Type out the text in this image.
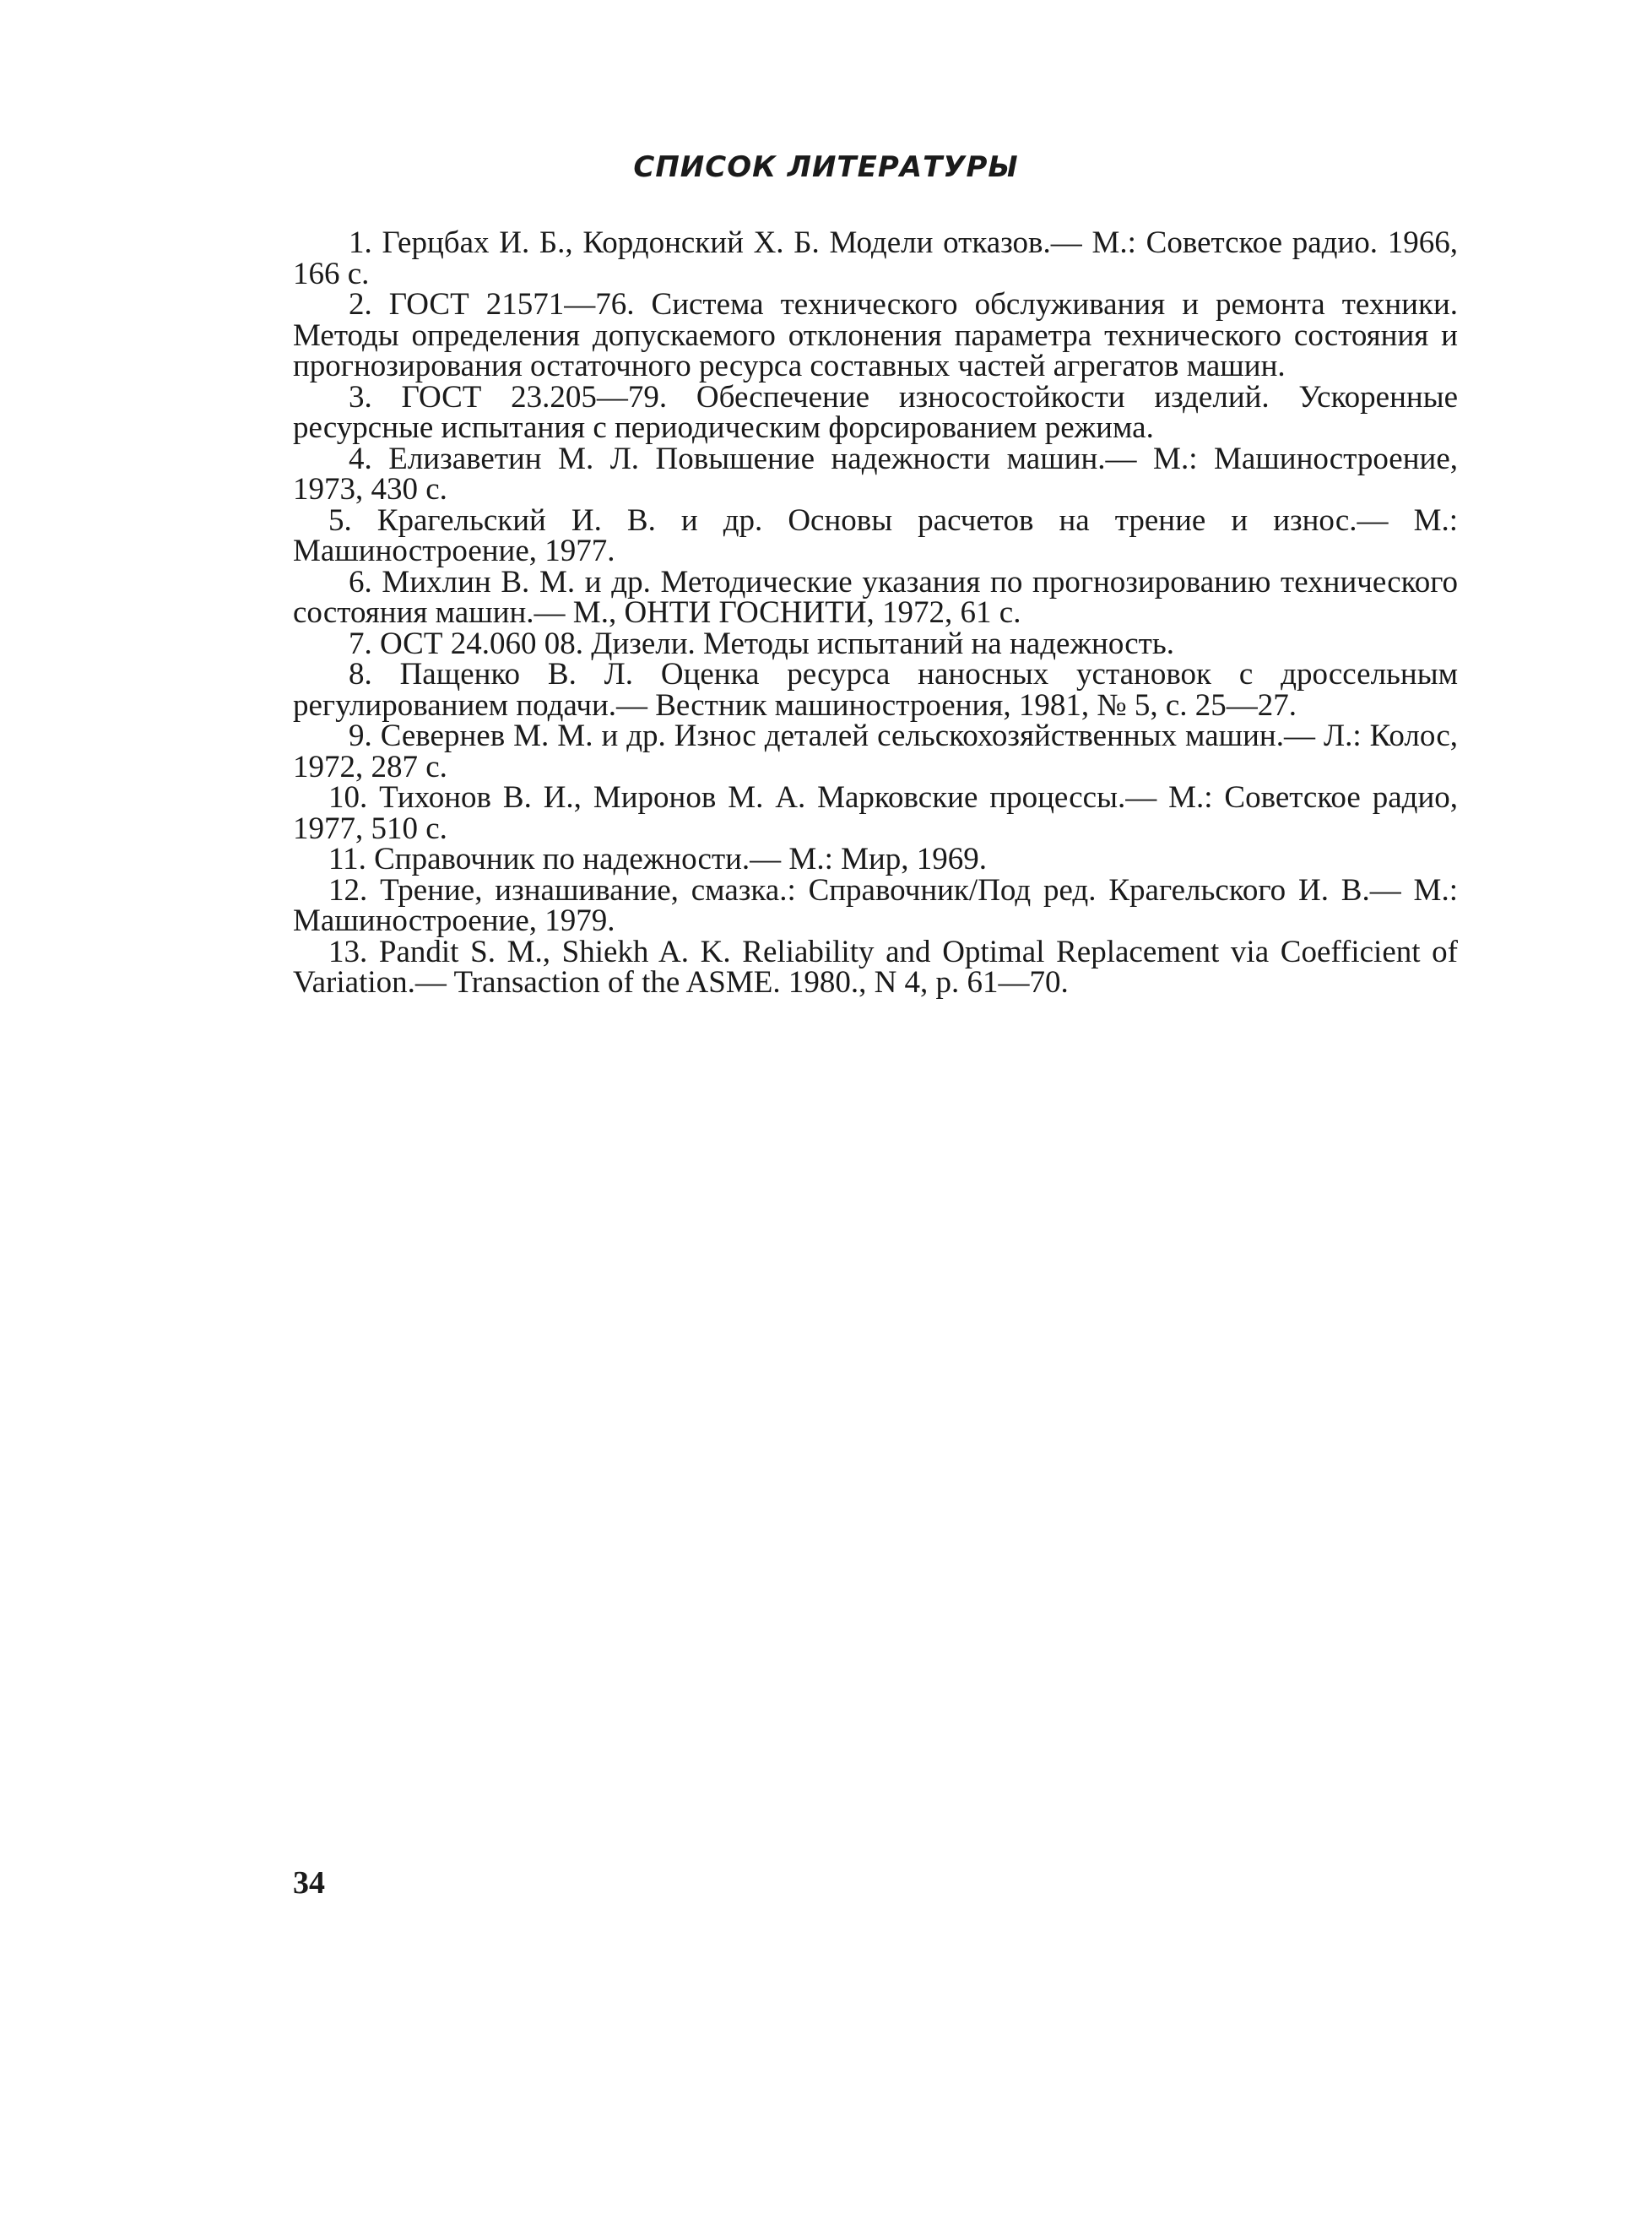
СПИСОК ЛИТЕРАТУРЫ
1. Герцбах И. Б., Кордонский X. Б. Модели отказов.— М.: Советское радио. 1966, 166 с.
2. ГОСТ 21571—76. Система технического обслуживания и ремонта техники. Методы определения допускаемого отклонения параметра технического состояния и прогнозирования остаточного ресурса составных частей агрегатов машин.
3. ГОСТ 23.205—79. Обеспечение износостойкости изделий. Ускоренные ресурсные испытания с периодическим форсированием режима.
4. Елизаветин М. Л. Повышение надежности машин.— М.: Машиностроение, 1973, 430 с.
5. Крагельский И. В. и др. Основы расчетов на трение и износ.— М.: Машиностроение, 1977.
6. Михлин В. М. и др. Методические указания по прогнозированию технического состояния машин.— М., ОНТИ ГОСНИТИ, 1972, 61 с.
7. ОСТ 24.060 08. Дизели. Методы испытаний на надежность.
8. Пащенко В. Л. Оценка ресурса наносных установок с дроссельным регулированием подачи.— Вестник машиностроения, 1981, № 5, с. 25—27.
9. Севернев М. М. и др. Износ деталей сельскохозяйственных машин.— Л.: Колос, 1972, 287 с.
10. Тихонов В. И., Миронов М. А. Марковские процессы.— М.: Советское радио, 1977, 510 с.
11. Справочник по надежности.— М.: Мир, 1969.
12. Трение, изнашивание, смазка.: Справочник/Под ред. Крагельского И. В.— М.: Машиностроение, 1979.
13. Pandit S. M., Shiekh A. K. Reliability and Optimal Replacement via Coefficient of Variation.— Transaction of the ASME. 1980., N 4, p. 61—70.
34
